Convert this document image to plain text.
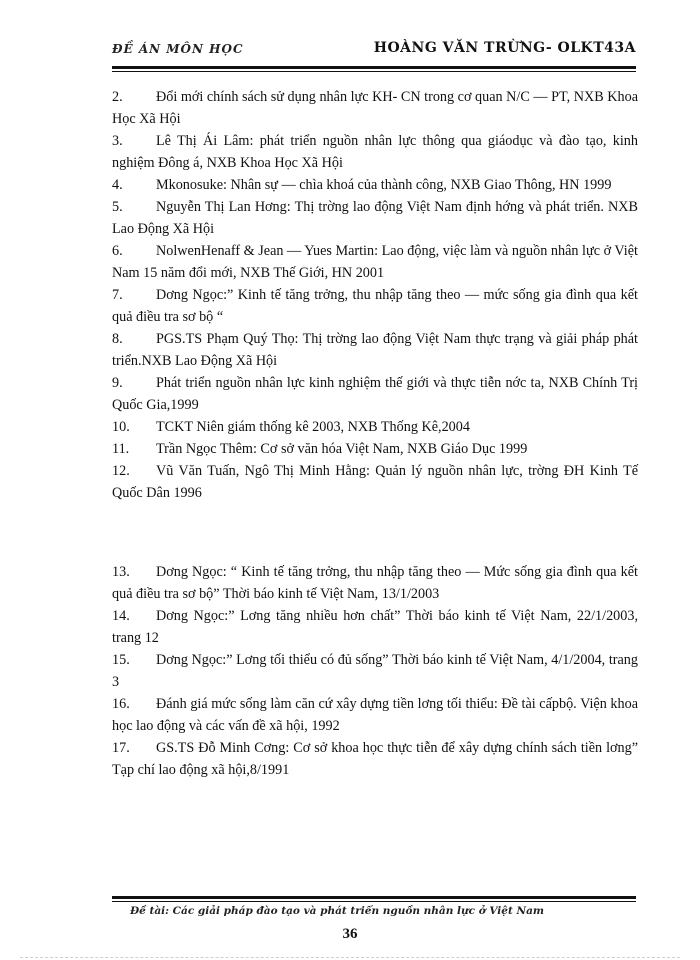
ĐỀ ÁN MÔN HỌC	HOÀNG VĂN TRỪNG- OLKT43A

2. Đổi mới chính sách sử dụng nhân lực KH- CN trong cơ quan N/C — PT, NXB Khoa Học Xã Hội

3. Lê Thị Ái Lâm: phát triển nguồn nhân lực thông qua giáodục và đào tạo, kinh nghiệm Đông á, NXB Khoa Học Xã Hội

4. Mkonosuke: Nhân sự — chìa khoá của thành công, NXB Giao Thông, HN 1999

5. Nguyễn Thị Lan Hơng: Thị trờng lao động Việt Nam định hớng và phát triển. NXB Lao Động Xã Hội

6. NolwenHenaff & Jean — Yues Martin: Lao động, việc làm và nguồn nhân lực ở Việt Nam 15 năm đổi mới, NXB Thế Giới, HN 2001

7. Dơng Ngọc:” Kinh tế tăng trởng, thu nhập tăng theo — mức sống gia đình qua kết quả điều tra sơ bộ “

8. PGS.TS Phạm Quý Thọ: Thị trờng lao động Việt Nam thực trạng và giải pháp phát triển.NXB Lao Động Xã Hội

9. Phát triển nguồn nhân lực kinh nghiệm thế giới và thực tiễn nớc ta, NXB Chính Trị Quốc Gia,1999

10. TCKT Niên giám thống kê 2003, NXB Thống Kê,2004

11. Trần Ngọc Thêm: Cơ sở văn hóa Việt Nam, NXB Giáo Dục 1999

12. Vũ Văn Tuấn, Ngô Thị Minh Hằng: Quản lý nguồn nhân lực, trờng ĐH Kinh Tế Quốc Dân 1996

13. Dơng Ngọc: “ Kinh tế tăng trởng, thu nhập tăng theo — Mức sống gia đình qua kết quả điều tra sơ bộ” Thời báo kinh tế Việt Nam, 13/1/2003

14. Dơng Ngọc:” Lơng tăng nhiều hơn chất” Thời báo kinh tế Việt Nam, 22/1/2003, trang 12

15. Dơng Ngọc:” Lơng tối thiểu có đủ sống” Thời báo kinh tế Việt Nam, 4/1/2004, trang 3

16. Đánh giá mức sống làm căn cứ xây dựng tiền lơng tối thiểu: Đề tài cấpbộ. Viện khoa học lao động và các vấn đề xã hội, 1992

17. GS.TS Đỗ Minh Cơng: Cơ sở khoa học thực tiễn để xây dựng chính sách tiền lơng” Tạp chí lao động xã hội,8/1991

Đề tài: Các giải pháp đào tạo và phát triển nguồn nhân lực ở Việt Nam
36
